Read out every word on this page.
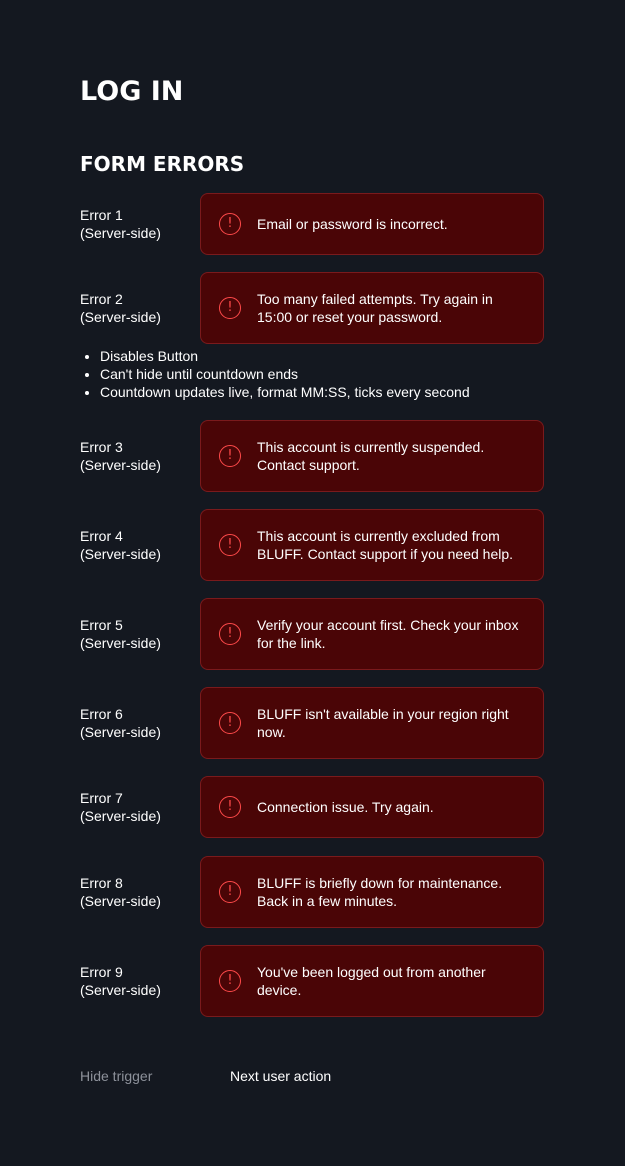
LOG IN
FORM ERRORS
Error 1
(Server-side)
!	Email or password is incorrect.
Error 2
(Server-side)
!
Too many failed attempts. Try again in 15:00 or reset your password.
• Disables Button
• Can't hide until countdown ends
• Countdown updates live, format MM:SS, ticks every second
Error 3
(Server-side)
!
This account is currently suspended. Contact support.
Error 4
(Server-side)
!
This account is currently excluded from BLUFF. Contact support if you need help.
Error 5
(Server-side)
!
Verify your account first. Check your inbox for the link.
Error 6
(Server-side)
!
BLUFF isn't available in your region right now.
Error 7
(Server-side)
!	Connection issue. Try again.
Error 8
(Server-side)
!
BLUFF is briefly down for maintenance. Back in a few minutes.
Error 9
(Server-side)
!
You've been logged out from another device.
Hide trigger	Next user action
